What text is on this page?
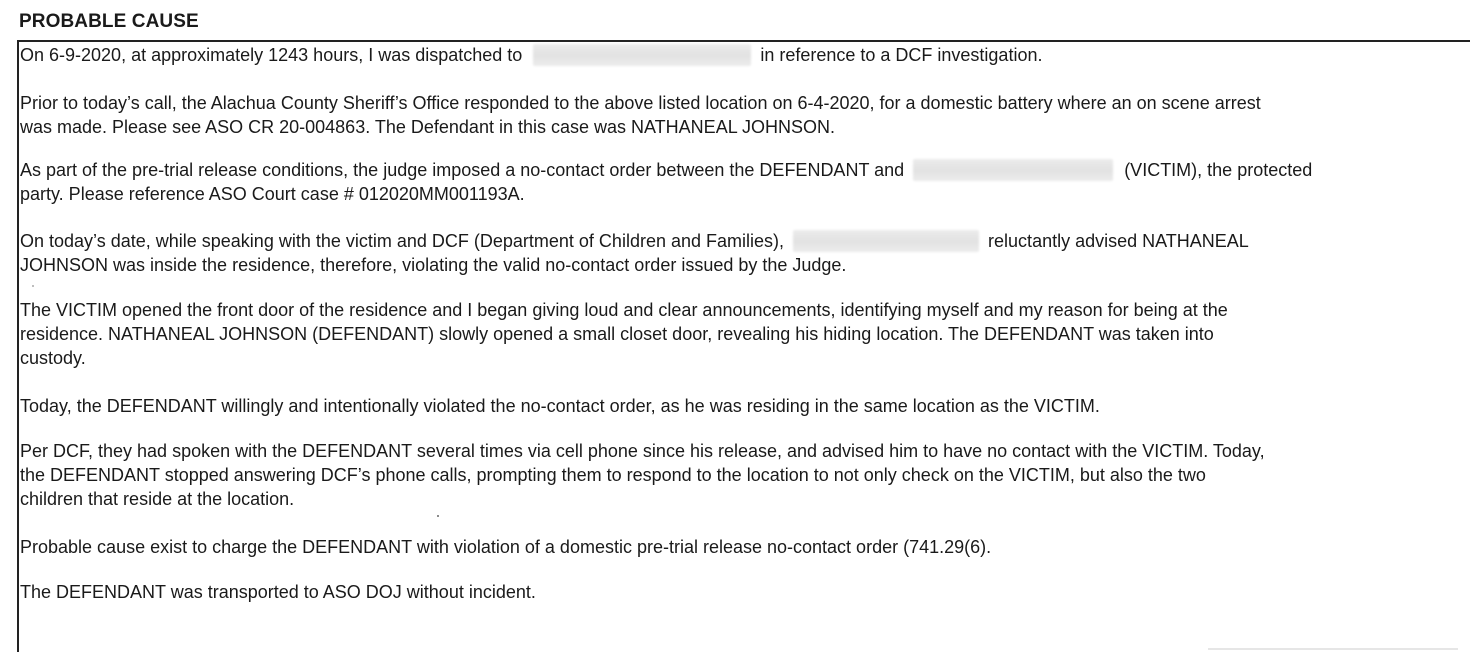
PROBABLE CAUSE

On 6-9-2020, at approximately 1243 hours, I was dispatched to	in reference to a DCF investigation.

Prior to today’s call, the Alachua County Sheriff’s Office responded to the above listed location on 6-4-2020, for a domestic battery where an on scene arrest
was made. Please see ASO CR 20-004863. The Defendant in this case was NATHANEAL JOHNSON.

As part of the pre-trial release conditions, the judge imposed a no-contact order between the DEFENDANT and	(VICTIM), the protected
party. Please reference ASO Court case # 012020MM001193A.

On today’s date, while speaking with the victim and DCF (Department of Children and Families),	reluctantly advised NATHANEAL
JOHNSON was inside the residence, therefore, violating the valid no-contact order issued by the Judge.

The VICTIM opened the front door of the residence and I began giving loud and clear announcements, identifying myself and my reason for being at the
residence. NATHANEAL JOHNSON (DEFENDANT) slowly opened a small closet door, revealing his hiding location. The DEFENDANT was taken into
custody.

Today, the DEFENDANT willingly and intentionally violated the no-contact order, as he was residing in the same location as the VICTIM.

Per DCF, they had spoken with the DEFENDANT several times via cell phone since his release, and advised him to have no contact with the VICTIM. Today,
the DEFENDANT stopped answering DCF’s phone calls, prompting them to respond to the location to not only check on the VICTIM, but also the two
children that reside at the location.

Probable cause exist to charge the DEFENDANT with violation of a domestic pre-trial release no-contact order (741.29(6).

The DEFENDANT was transported to ASO DOJ without incident.
